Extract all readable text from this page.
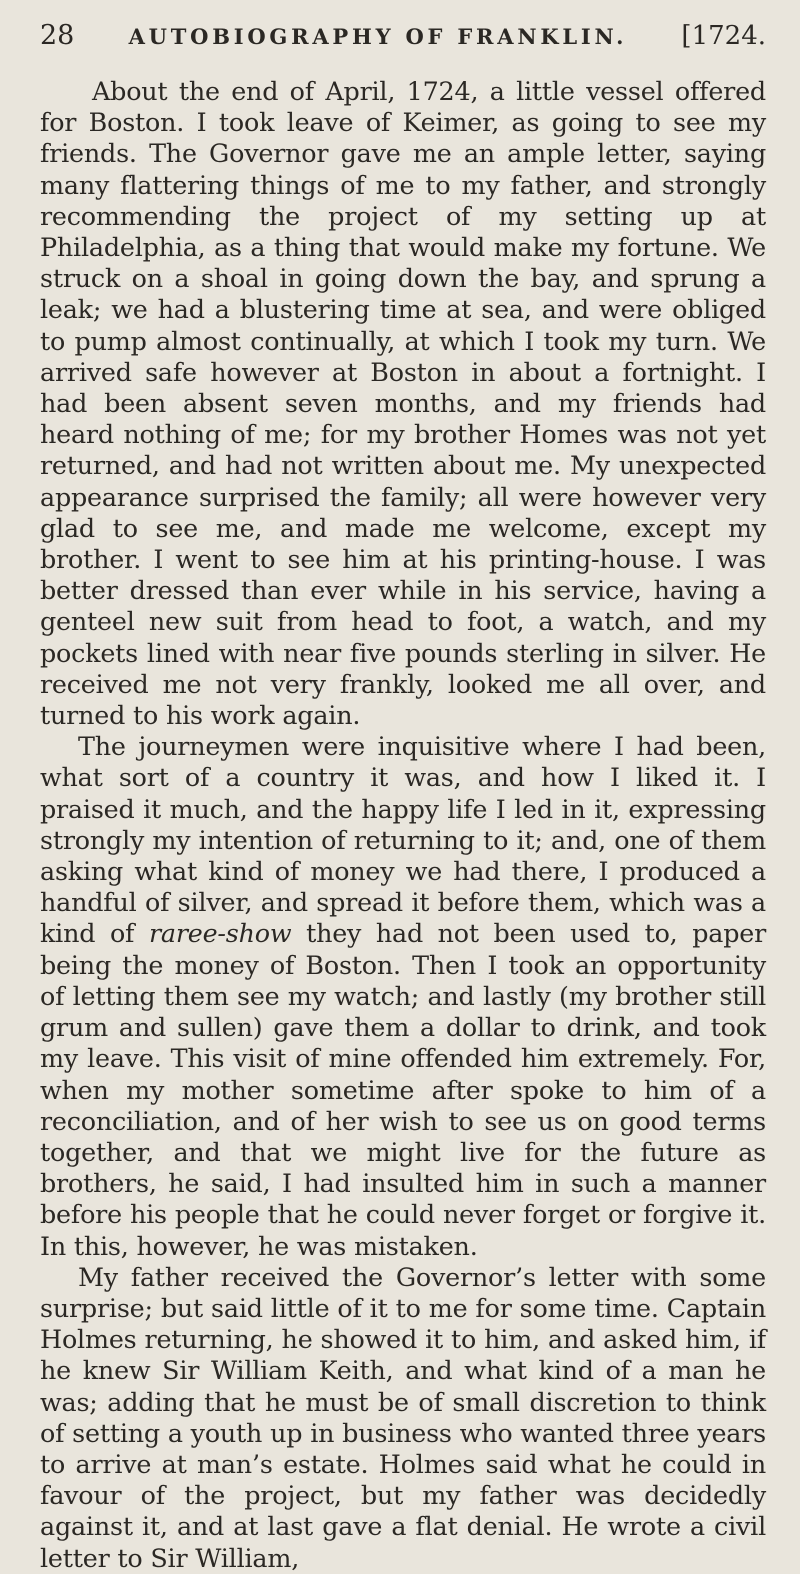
28	AUTOBIOGRAPHY OF FRANKLIN. [1724.

About the end of April, 1724, a little vessel offered for Boston. I took leave of Keimer, as going to see my friends. The Governor gave me an ample letter, saying many flattering things of me to my father, and strongly recommending the project of my setting up at Philadelphia, as a thing that would make my fortune. We struck on a shoal in going down the bay, and sprung a leak; we had a blustering time at sea, and were obliged to pump almost continually, at which I took my turn. We arrived safe however at Boston in about a fortnight. I had been absent seven months, and my friends had heard nothing of me; for my brother Homes was not yet returned, and had not written about me. My unexpected appearance surprised the family; all were however very glad to see me, and made me welcome, except my brother. I went to see him at his printing-house. I was better dressed than ever while in his service, having a genteel new suit from head to foot, a watch, and my pockets lined with near five pounds sterling in silver. He received me not very frankly, looked me all over, and turned to his work again.

The journeymen were inquisitive where I had been, what sort of a country it was, and how I liked it. I praised it much, and the happy life I led in it, expressing strongly my intention of returning to it; and, one of them asking what kind of money we had there, I produced a handful of silver, and spread it before them, which was a kind of raree-show they had not been used to, paper being the money of Boston. Then I took an opportunity of letting them see my watch; and lastly (my brother still grum and sullen) gave them a dollar to drink, and took my leave. This visit of mine offended him extremely. For, when my mother sometime after spoke to him of a reconciliation, and of her wish to see us on good terms together, and that we might live for the future as brothers, he said, I had insulted him in such a manner before his people that he could never forget or forgive it. In this, however, he was mistaken.

My father received the Governor’s letter with some surprise; but said little of it to me for some time. Captain Holmes returning, he showed it to him, and asked him, if he knew Sir William Keith, and what kind of a man he was; adding that he must be of small discretion to think of setting a youth up in business who wanted three years to arrive at man’s estate. Holmes said what he could in favour of the project, but my father was decidedly against it, and at last gave a flat denial. He wrote a civil letter to Sir William,
